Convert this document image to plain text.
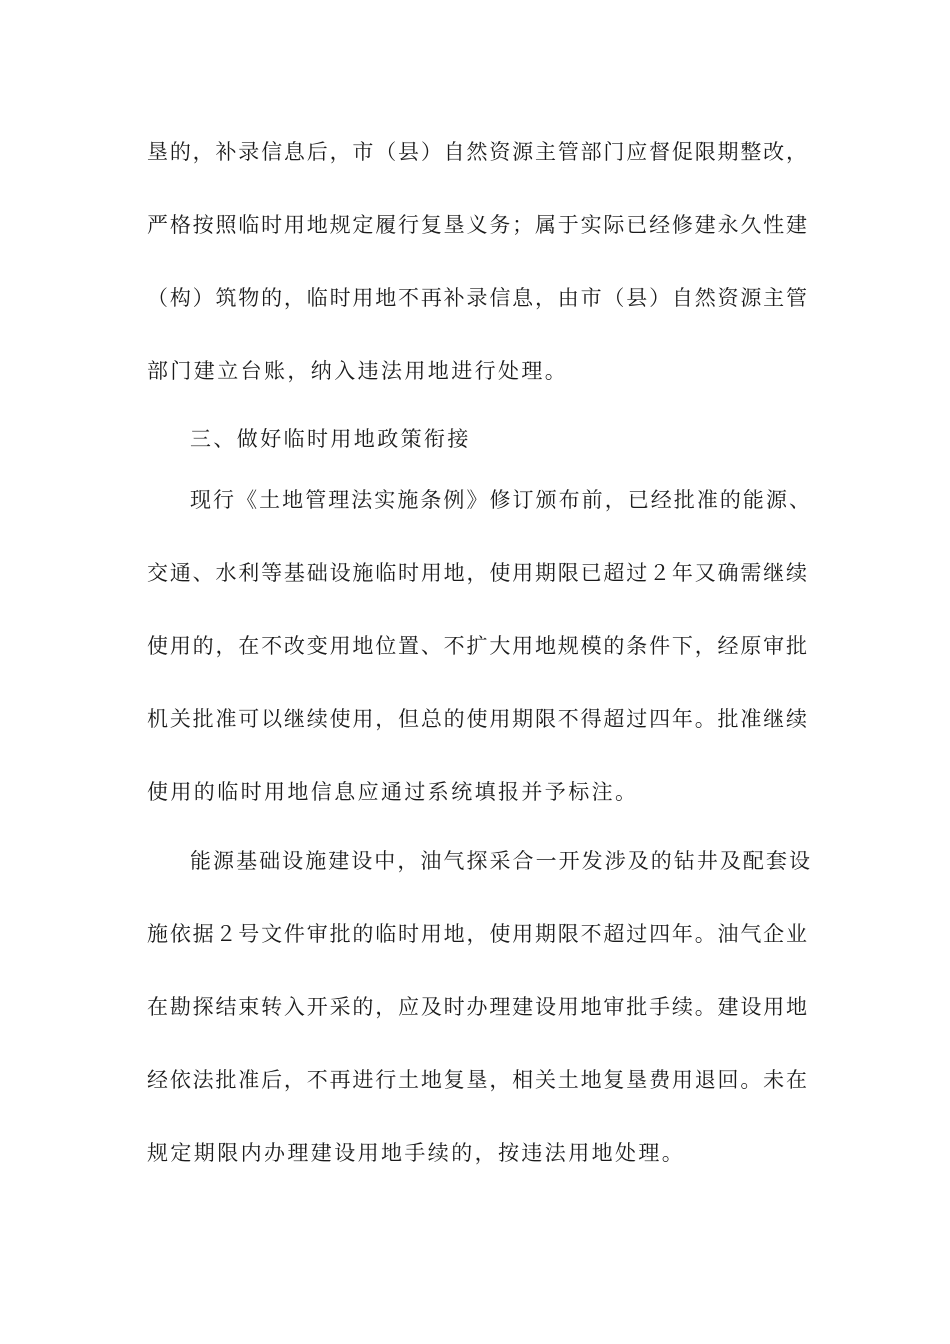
垦的，补录信息后，市（县）自然资源主管部门应督促限期整改，
严格按照临时用地规定履行复垦义务；属于实际已经修建永久性建
（构）筑物的，临时用地不再补录信息，由市（县）自然资源主管
部门建立台账，纳入违法用地进行处理。
三、做好临时用地政策衔接
现行《土地管理法实施条例》修订颁布前，已经批准的能源、
交通、水利等基础设施临时用地，使用期限已超过２年又确需继续
使用的，在不改变用地位置、不扩大用地规模的条件下，经原审批
机关批准可以继续使用，但总的使用期限不得超过四年。批准继续
使用的临时用地信息应通过系统填报并予标注。
能源基础设施建设中，油气探采合一开发涉及的钻井及配套设
施依据２号文件审批的临时用地，使用期限不超过四年。油气企业
在勘探结束转入开采的，应及时办理建设用地审批手续。建设用地
经依法批准后，不再进行土地复垦，相关土地复垦费用退回。未在
规定期限内办理建设用地手续的，按违法用地处理。
